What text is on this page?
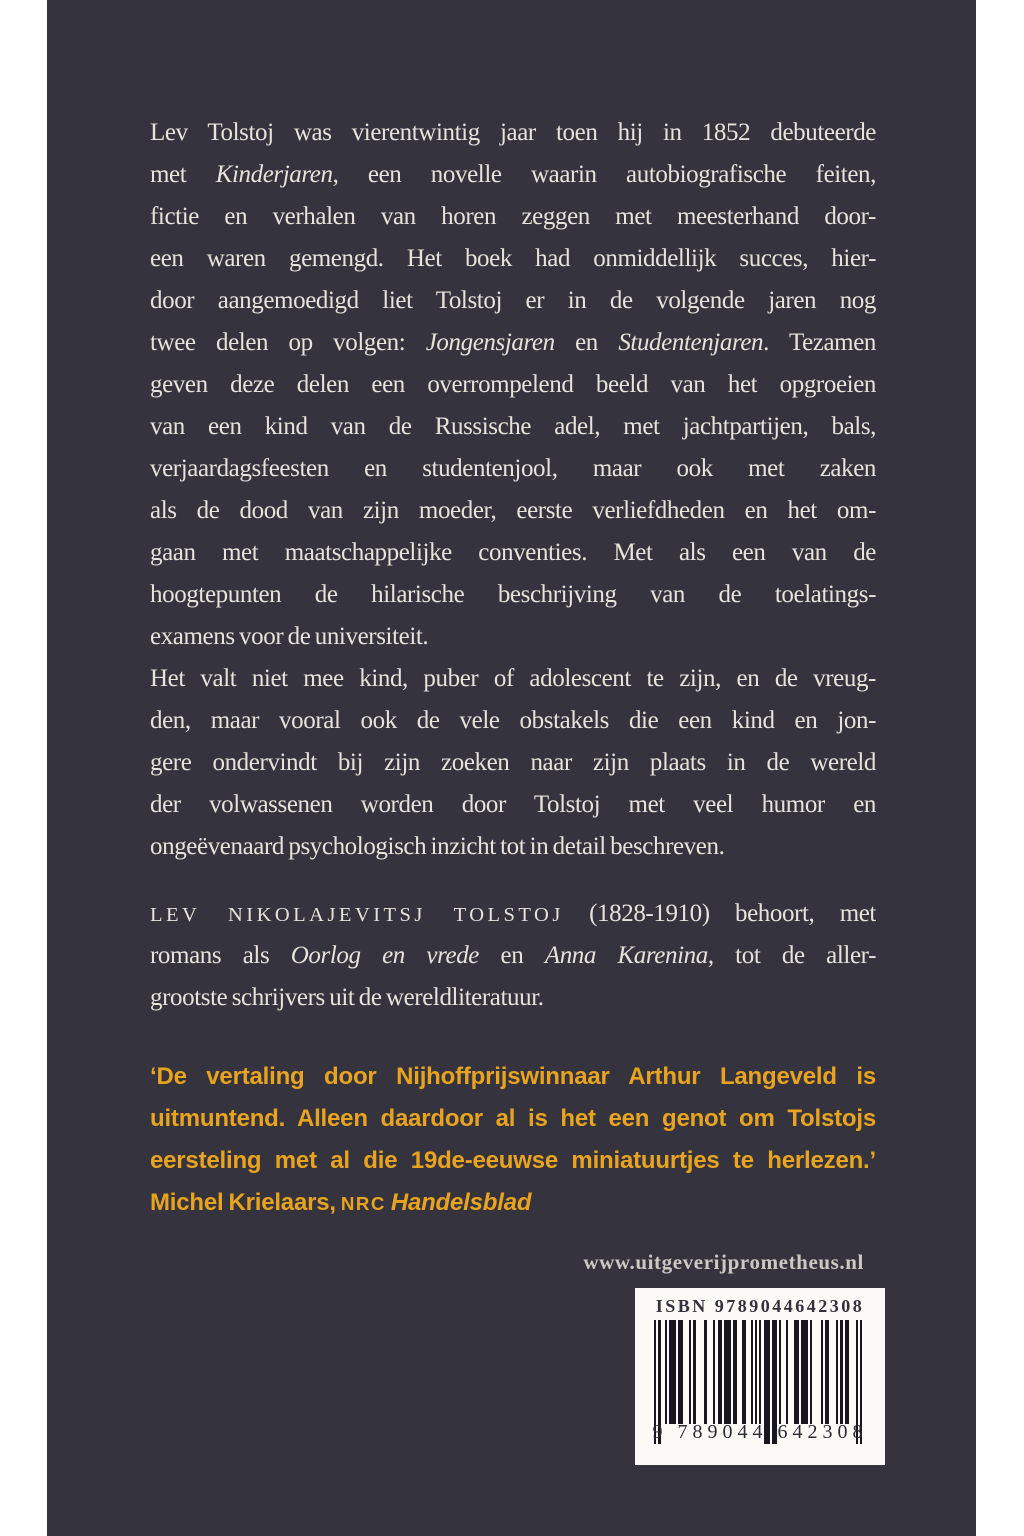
Lev Tolstoj was vierentwintig jaar toen hij in 1852 debuteerde
met Kinderjaren, een novelle waarin autobiografische feiten,
fictie en verhalen van horen zeggen met meesterhand door-
een waren gemengd. Het boek had onmiddellijk succes, hier-
door aangemoedigd liet Tolstoj er in de volgende jaren nog
twee delen op volgen: Jongensjaren en Studentenjaren. Tezamen
geven deze delen een overrompelend beeld van het opgroeien
van een kind van de Russische adel, met jachtpartijen, bals,
verjaardagsfeesten en studentenjool, maar ook met zaken
als de dood van zijn moeder, eerste verliefdheden en het om-
gaan met maatschappelijke conventies. Met als een van de
hoogtepunten de hilarische beschrijving van de toelatings-
examens voor de universiteit.
Het valt niet mee kind, puber of adolescent te zijn, en de vreug-
den, maar vooral ook de vele obstakels die een kind en jon-
gere ondervindt bij zijn zoeken naar zijn plaats in de wereld
der volwassenen worden door Tolstoj met veel humor en
ongeëvenaard psychologisch inzicht tot in detail beschreven.
LEV NIKOLAJEVITSJ TOLSTOJ (1828-1910) behoort, met
romans als Oorlog en vrede en Anna Karenina, tot de aller-
grootste schrijvers uit de wereldliteratuur.
‘De vertaling door Nijhoffprijswinnaar Arthur Langeveld is
uitmuntend. Alleen daardoor al is het een genot om Tolstojs
eersteling met al die 19de-eeuwse miniatuurtjes te herlezen.’
Michel Krielaars, NRC Handelsblad
www.uitgeverijprometheus.nl
ISBN 9789044642308
9 789044 642308
